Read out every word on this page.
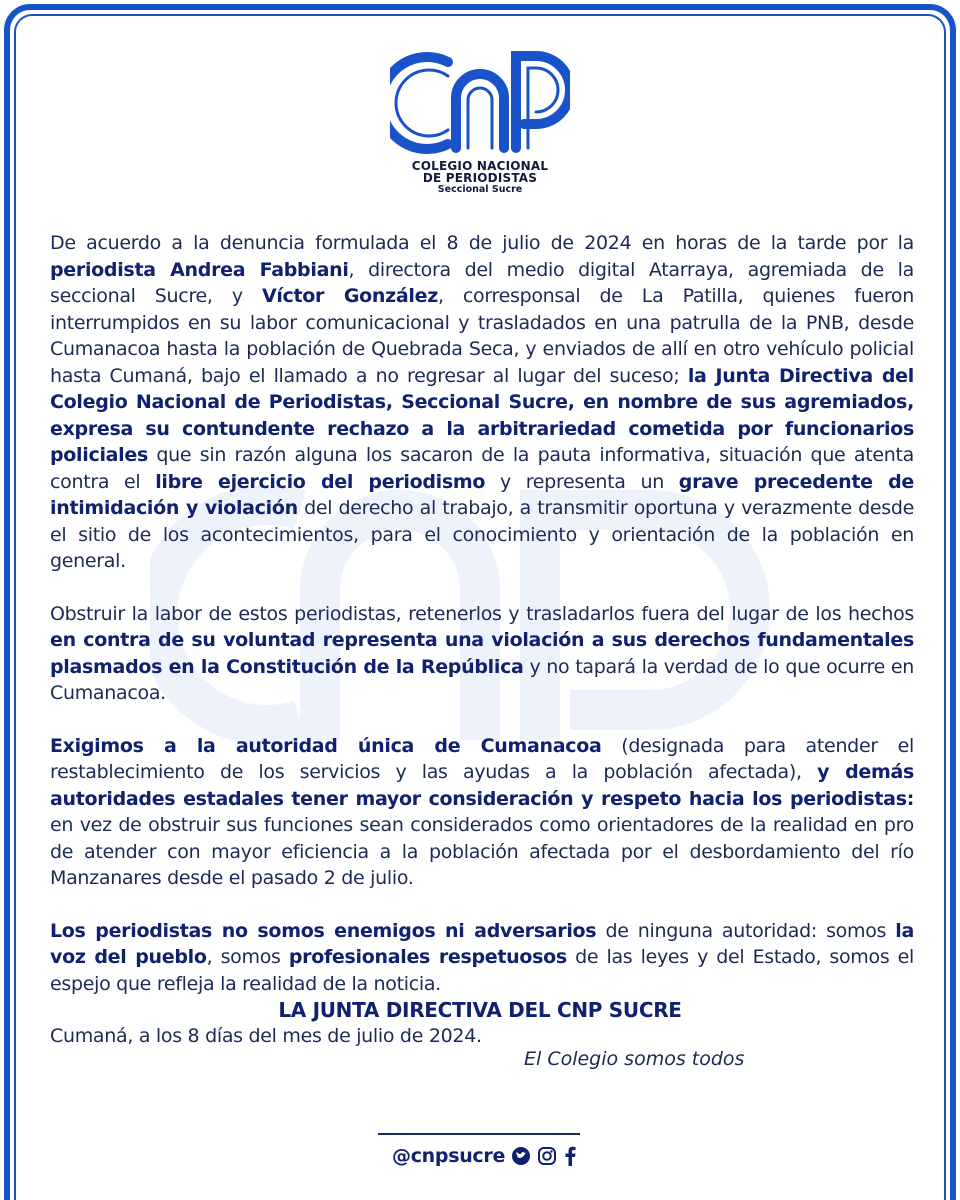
COLEGIO NACIONAL
DE PERIODISTAS
Seccional Sucre

De acuerdo a la denuncia formulada el 8 de julio de 2024 en horas de la tarde por la periodista Andrea Fabbiani, directora del medio digital Atarraya, agremiada de la seccional Sucre, y Víctor González, corresponsal de La Patilla, quienes fueron interrumpidos en su labor comunicacional y trasladados en una patrulla de la PNB, desde Cumanacoa hasta la población de Quebrada Seca, y enviados de allí en otro vehículo policial hasta Cumaná, bajo el llamado a no regresar al lugar del suceso; la Junta Directiva del Colegio Nacional de Periodistas, Seccional Sucre, en nombre de sus agremiados, expresa su contundente rechazo a la arbitrariedad cometida por funcionarios policiales que sin razón alguna los sacaron de la pauta informativa, situación que atenta contra el libre ejercicio del periodismo y representa un grave precedente de intimidación y violación del derecho al trabajo, a transmitir oportuna y verazmente desde el sitio de los acontecimientos, para el conocimiento y orientación de la población en general.

Obstruir la labor de estos periodistas, retenerlos y trasladarlos fuera del lugar de los hechos en contra de su voluntad representa una violación a sus derechos fundamentales plasmados en la Constitución de la República y no tapará la verdad de lo que ocurre en Cumanacoa.

Exigimos a la autoridad única de Cumanacoa (designada para atender el restablecimiento de los servicios y las ayudas a la población afectada), y demás autoridades estadales tener mayor consideración y respeto hacia los periodistas: en vez de obstruir sus funciones sean considerados como orientadores de la realidad en pro de atender con mayor eficiencia a la población afectada por el desbordamiento del río Manzanares desde el pasado 2 de julio.

Los periodistas no somos enemigos ni adversarios de ninguna autoridad: somos la voz del pueblo, somos profesionales respetuosos de las leyes y del Estado, somos el espejo que refleja la realidad de la noticia.

Cumaná, a los 8 días del mes de julio de 2024.

LA JUNTA DIRECTIVA DEL CNP SUCRE
El Colegio somos todos
@cnpsucre
